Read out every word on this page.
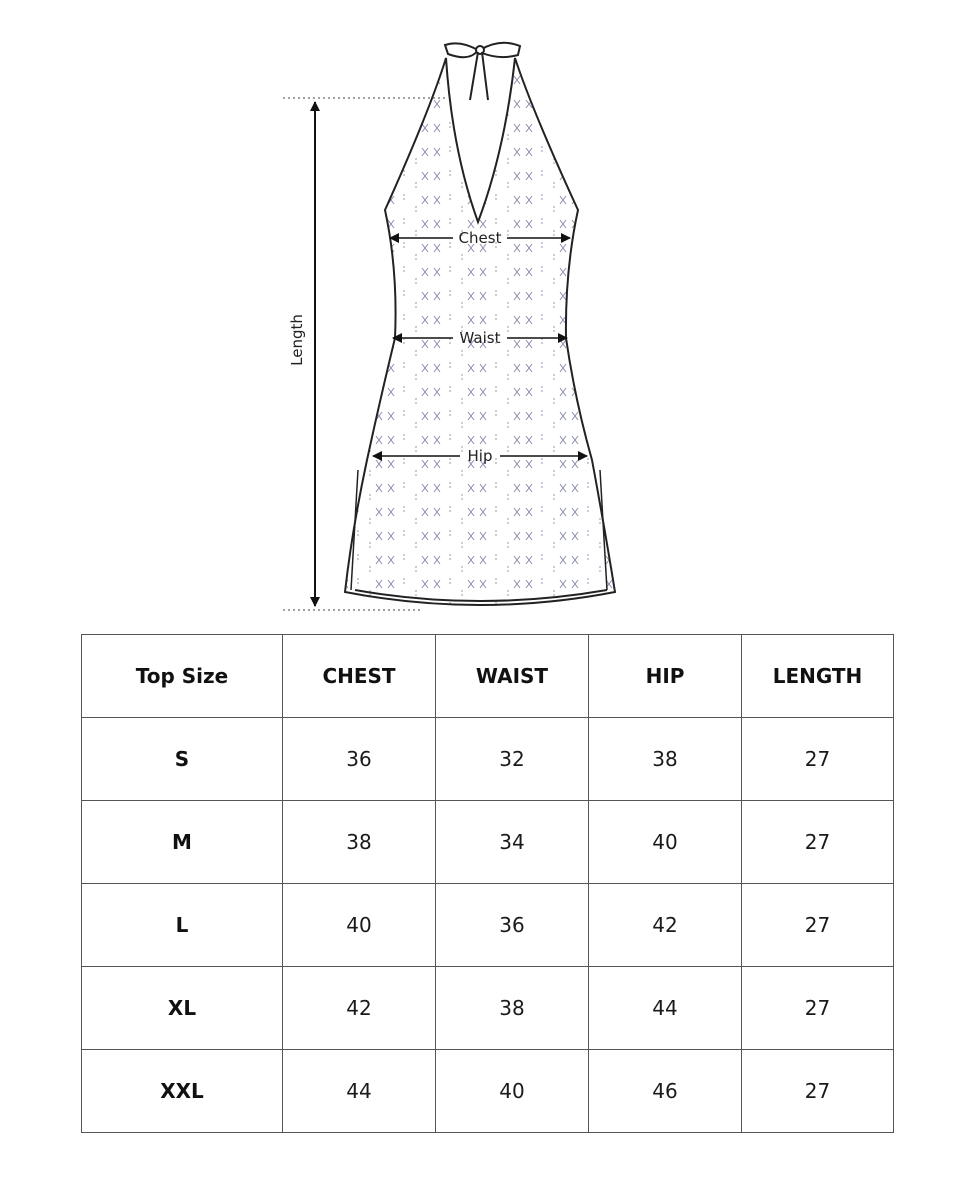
Length
Chest
Waist
Hip
Top Size	CHEST	WAIST	HIP	LENGTH
S	36	32	38	27
M	38	34	40	27
L	40	36	42	27
XL	42	38	44	27
XXL	44	40	46	27
